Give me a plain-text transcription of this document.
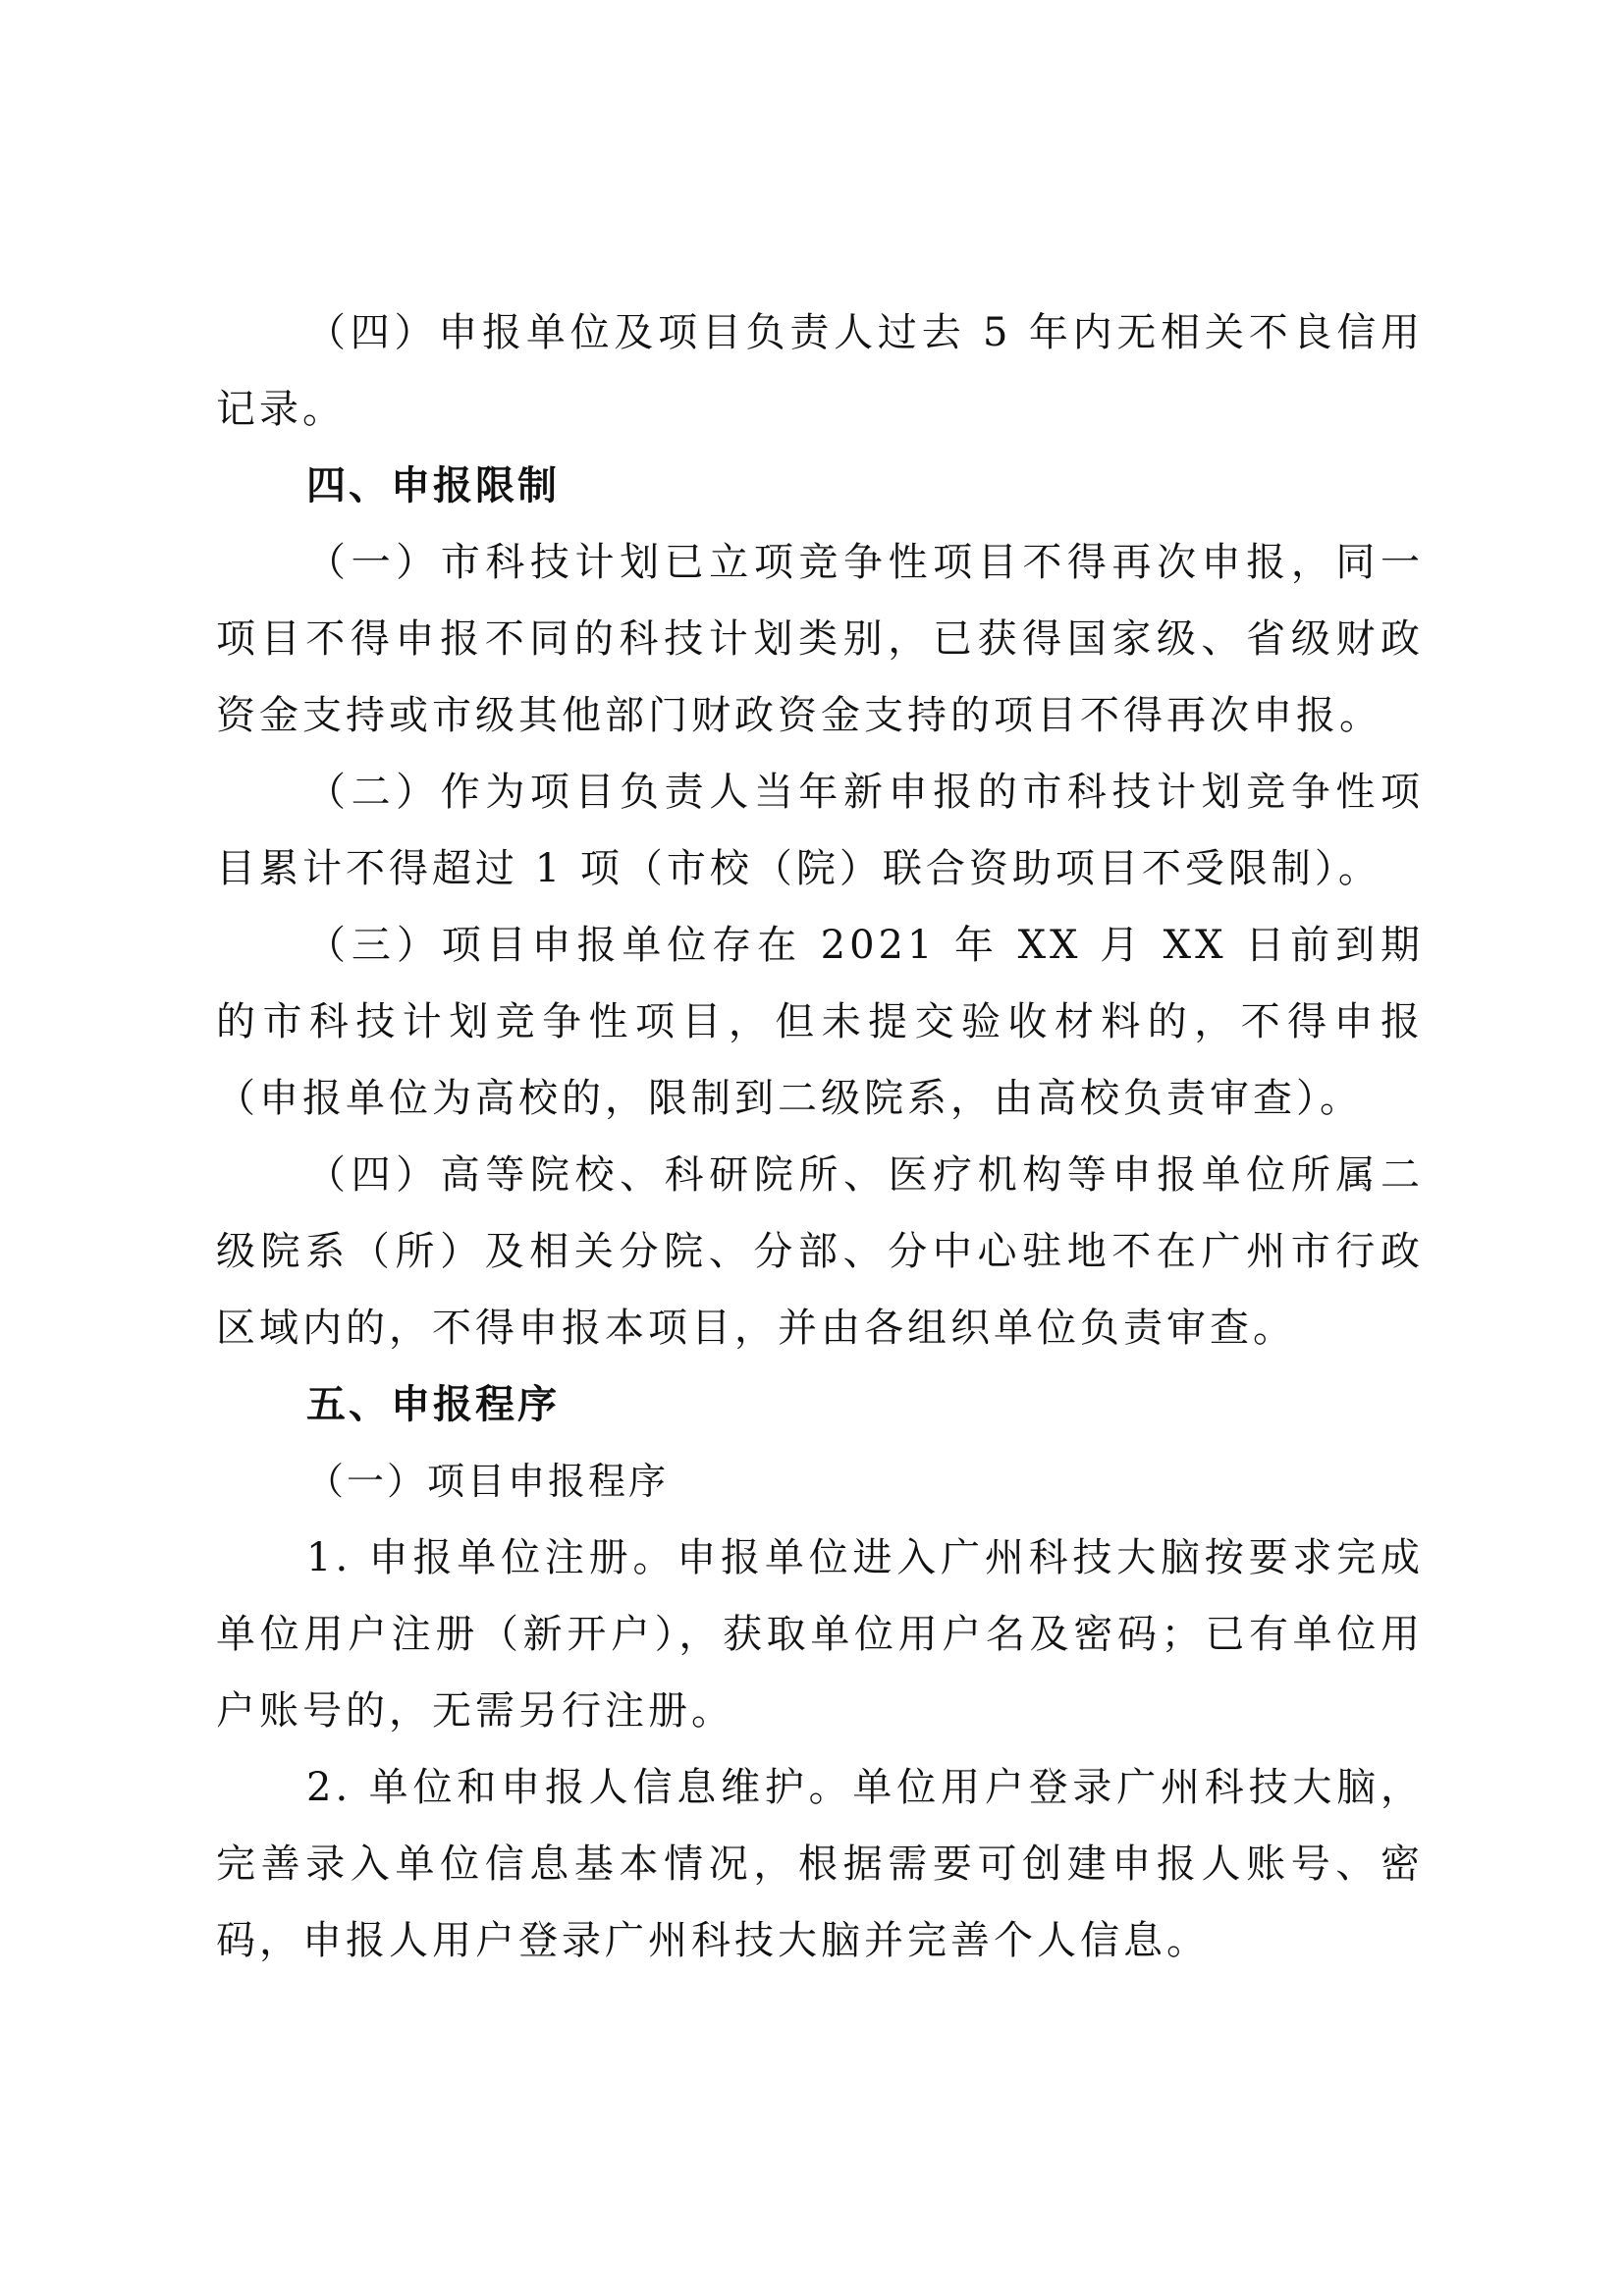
（四）申报单位及项目负责人过去 5 年内无相关不良信用记录。

四、申报限制

（一）市科技计划已立项竞争性项目不得再次申报，同一项目不得申报不同的科技计划类别，已获得国家级、省级财政资金支持或市级其他部门财政资金支持的项目不得再次申报。

（二）作为项目负责人当年新申报的市科技计划竞争性项目累计不得超过 1 项（市校（院）联合资助项目不受限制）。

（三）项目申报单位存在 2021 年 XX 月 XX 日前到期的市科技计划竞争性项目，但未提交验收材料的，不得申报（申报单位为高校的，限制到二级院系，由高校负责审查）。

（四）高等院校、科研院所、医疗机构等申报单位所属二级院系（所）及相关分院、分部、分中心驻地不在广州市行政区域内的，不得申报本项目，并由各组织单位负责审查。

五、申报程序

（一）项目申报程序

1. 申报单位注册。申报单位进入广州科技大脑按要求完成单位用户注册（新开户），获取单位用户名及密码；已有单位用户账号的，无需另行注册。

2. 单位和申报人信息维护。单位用户登录广州科技大脑，完善录入单位信息基本情况，根据需要可创建申报人账号、密码，申报人用户登录广州科技大脑并完善个人信息。
